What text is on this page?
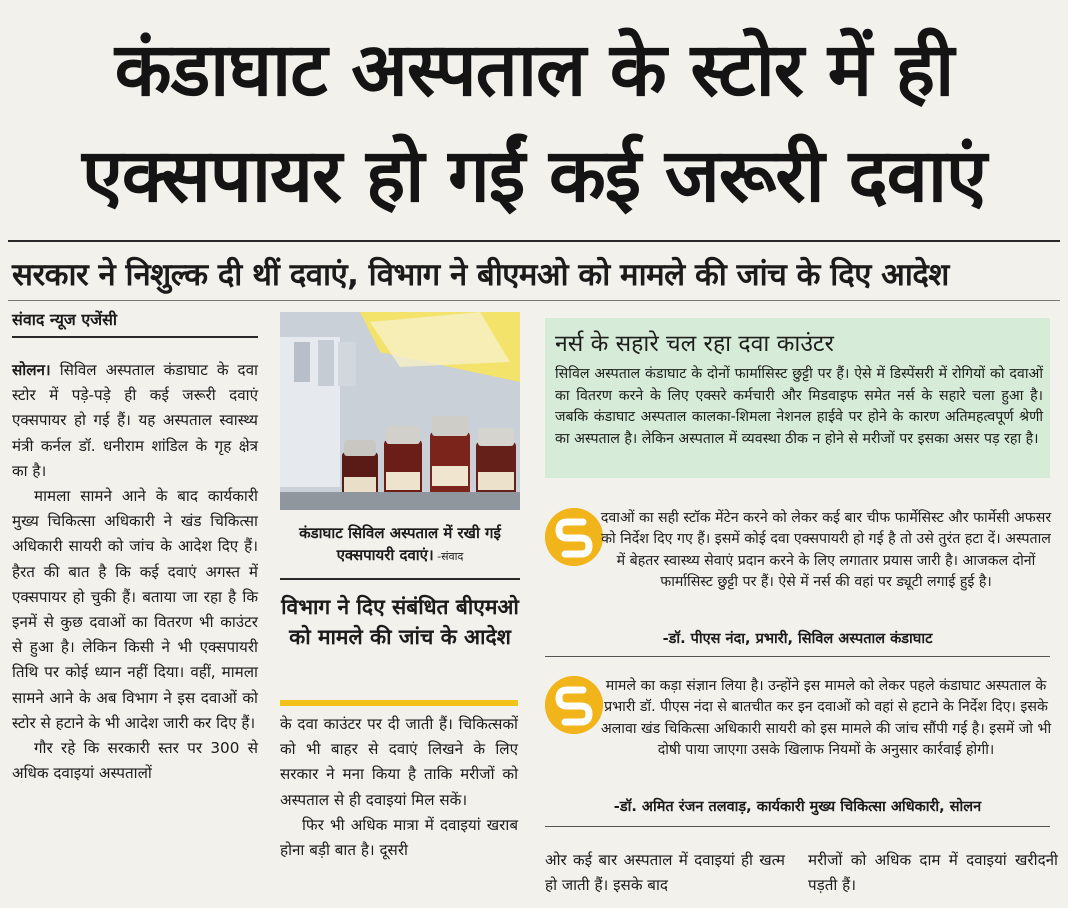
कंडाघाट अस्पताल के स्टोर में ही
एक्सपायर हो गईं कई जरूरी दवाएं
सरकार ने निशुल्क दी थीं दवाएं, विभाग ने बीएमओ को मामले की जांच के दिए आदेश
संवाद न्यूज एजेंसी

सोलन। सिविल अस्पताल कंडाघाट के दवा स्टोर में पड़े-पड़े ही कई जरूरी दवाएं एक्सपायर हो गई हैं। यह अस्पताल स्वास्थ्य मंत्री कर्नल डॉ. धनीराम शांडिल के गृह क्षेत्र का है।

मामला सामने आने के बाद कार्यकारी मुख्य चिकित्सा अधिकारी ने खंड चिकित्सा अधिकारी सायरी को जांच के आदेश दिए हैं। हैरत की बात है कि कई दवाएं अगस्त में एक्सपायर हो चुकी हैं। बताया जा रहा है कि इनमें से कुछ दवाओं का वितरण भी काउंटर से हुआ है। लेकिन किसी ने भी एक्सपायरी तिथि पर कोई ध्यान नहीं दिया। वहीं, मामला सामने आने के अब विभाग ने इस दवाओं को स्टोर से हटाने के भी आदेश जारी कर दिए हैं।

गौर रहे कि सरकारी स्तर पर 300 से अधिक दवाइयां अस्पतालों

कंडाघाट सिविल अस्पताल में रखी गई एक्सपायरी दवाएं। -संवाद
विभाग ने दिए संबंधित बीएमओ को मामले की जांच के आदेश

के दवा काउंटर पर दी जाती हैं। चिकित्सकों को भी बाहर से दवाएं लिखने के लिए सरकार ने मना किया है ताकि मरीजों को अस्पताल से ही दवाइयां मिल सकें।

फिर भी अधिक मात्रा में दवाइयां खराब होना बड़ी बात है। दूसरी

नर्स के सहारे चल रहा दवा काउंटर
सिविल अस्पताल कंडाघाट के दोनों फार्मासिस्ट छुट्टी पर हैं। ऐसे में डिस्पेंसरी में रोगियों को दवाओं का वितरण करने के लिए एक्सरे कर्मचारी और मिडवाइफ समेत नर्स के सहारे चला हुआ है। जबकि कंडाघाट अस्पताल कालका-शिमला नेशनल हाईवे पर होने के कारण अतिमहत्वपूर्ण श्रेणी का अस्पताल है। लेकिन अस्पताल में व्यवस्था ठीक न होने से मरीजों पर इसका असर पड़ रहा है।
दवाओं का सही स्टॉक मेंटेन करने को लेकर कई बार चीफ फार्मेसिस्ट और फार्मेसी अफसर को निर्देश दिए गए हैं। इसमें कोई दवा एक्सपायरी हो गई है तो उसे तुरंत हटा दें। अस्पताल में बेहतर स्वास्थ्य सेवाएं प्रदान करने के लिए लगातार प्रयास जारी है। आजकल दोनों फार्मासिस्ट छुट्टी पर हैं। ऐसे में नर्स की वहां पर ड्यूटी लगाई हुई है।
-डॉ. पीएस नंदा, प्रभारी, सिविल अस्पताल कंडाघाट
मामले का कड़ा संज्ञान लिया है। उन्होंने इस मामले को लेकर पहले कंडाघाट अस्पताल के प्रभारी डॉ. पीएस नंदा से बातचीत कर इन दवाओं को वहां से हटाने के निर्देश दिए। इसके अलावा खंड चिकित्सा अधिकारी सायरी को इस मामले की जांच सौंपी गई है। इसमें जो भी दोषी पाया जाएगा उसके खिलाफ नियमों के अनुसार कार्रवाई होगी।
-डॉ. अमित रंजन तलवाड़, कार्यकारी मुख्य चिकित्सा अधिकारी, सोलन
ओर कई बार अस्पताल में दवाइयां ही खत्म हो जाती हैं। इसके बाद
मरीजों को अधिक दाम में दवाइयां खरीदनी पड़ती हैं।
